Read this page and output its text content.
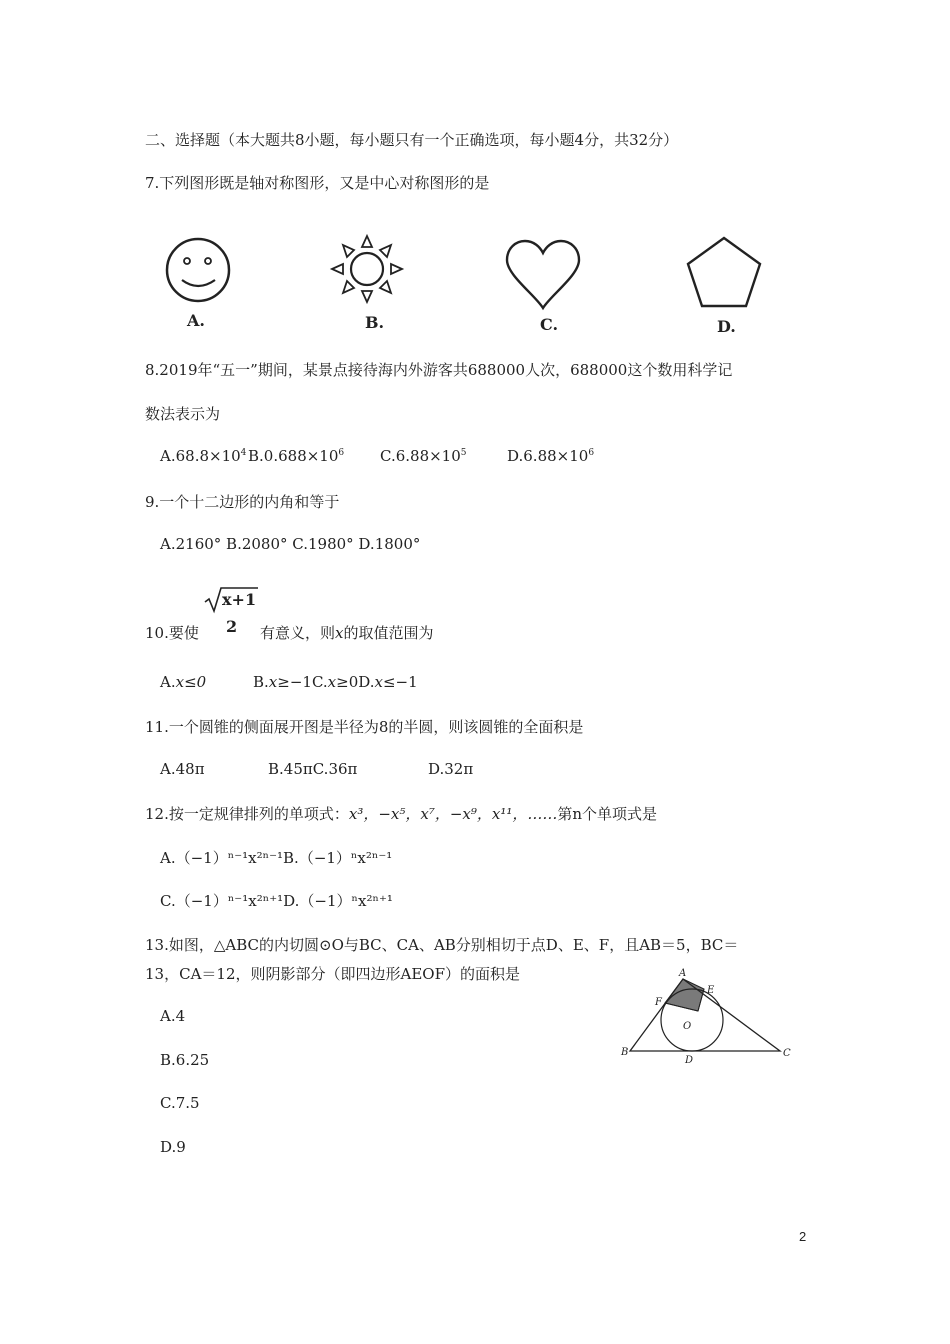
二、选择题（本大题共8小题，每小题只有一个正确选项，每小题4分，共32分）
7.下列图形既是轴对称图形，又是中心对称图形的是
A.	B.	C.	D.
8.2019年“五一”期间，某景点接待海内外游客共688000人次，688000这个数用科学记
数法表示为
$A.68.8\times 10^4$ $B.0.688\times 10^6$ $C.6.88\times 10^5$	$D.6.88\times 10^6$
9.一个十二边形的内角和等于
A.2160° B.2080° C.1980° D.1800°
10.要使
x+1
2 有意义，则x的取值范围为
A.x≤0	B.x≥−1C.x≥0D.x≤−1
11.一个圆锥的侧面展开图是半径为8的半圆，则该圆锥的全面积是
A.48π	B.45πC.36π	D.32π
12.按一定规律排列的单项式：x³，−x⁵，x⁷，−x⁹，x¹¹，……第n个单项式是
A.（−1）ⁿ⁻¹x²ⁿ⁻¹B.（−1）ⁿx²ⁿ⁻¹
C.（−1）ⁿ⁻¹x²ⁿ⁺¹D.（−1）ⁿx²ⁿ⁺¹
13.如图，△ABC的内切圆⊙O与BC、CA、AB分别相切于点D、E、F，且AB＝5，BC＝
13，CA＝12，则阴影部分（即四边形AEOF）的面积是
A.4
B.6.25
C.7.5
D.9
A
E
F
O
B
D
C
2
